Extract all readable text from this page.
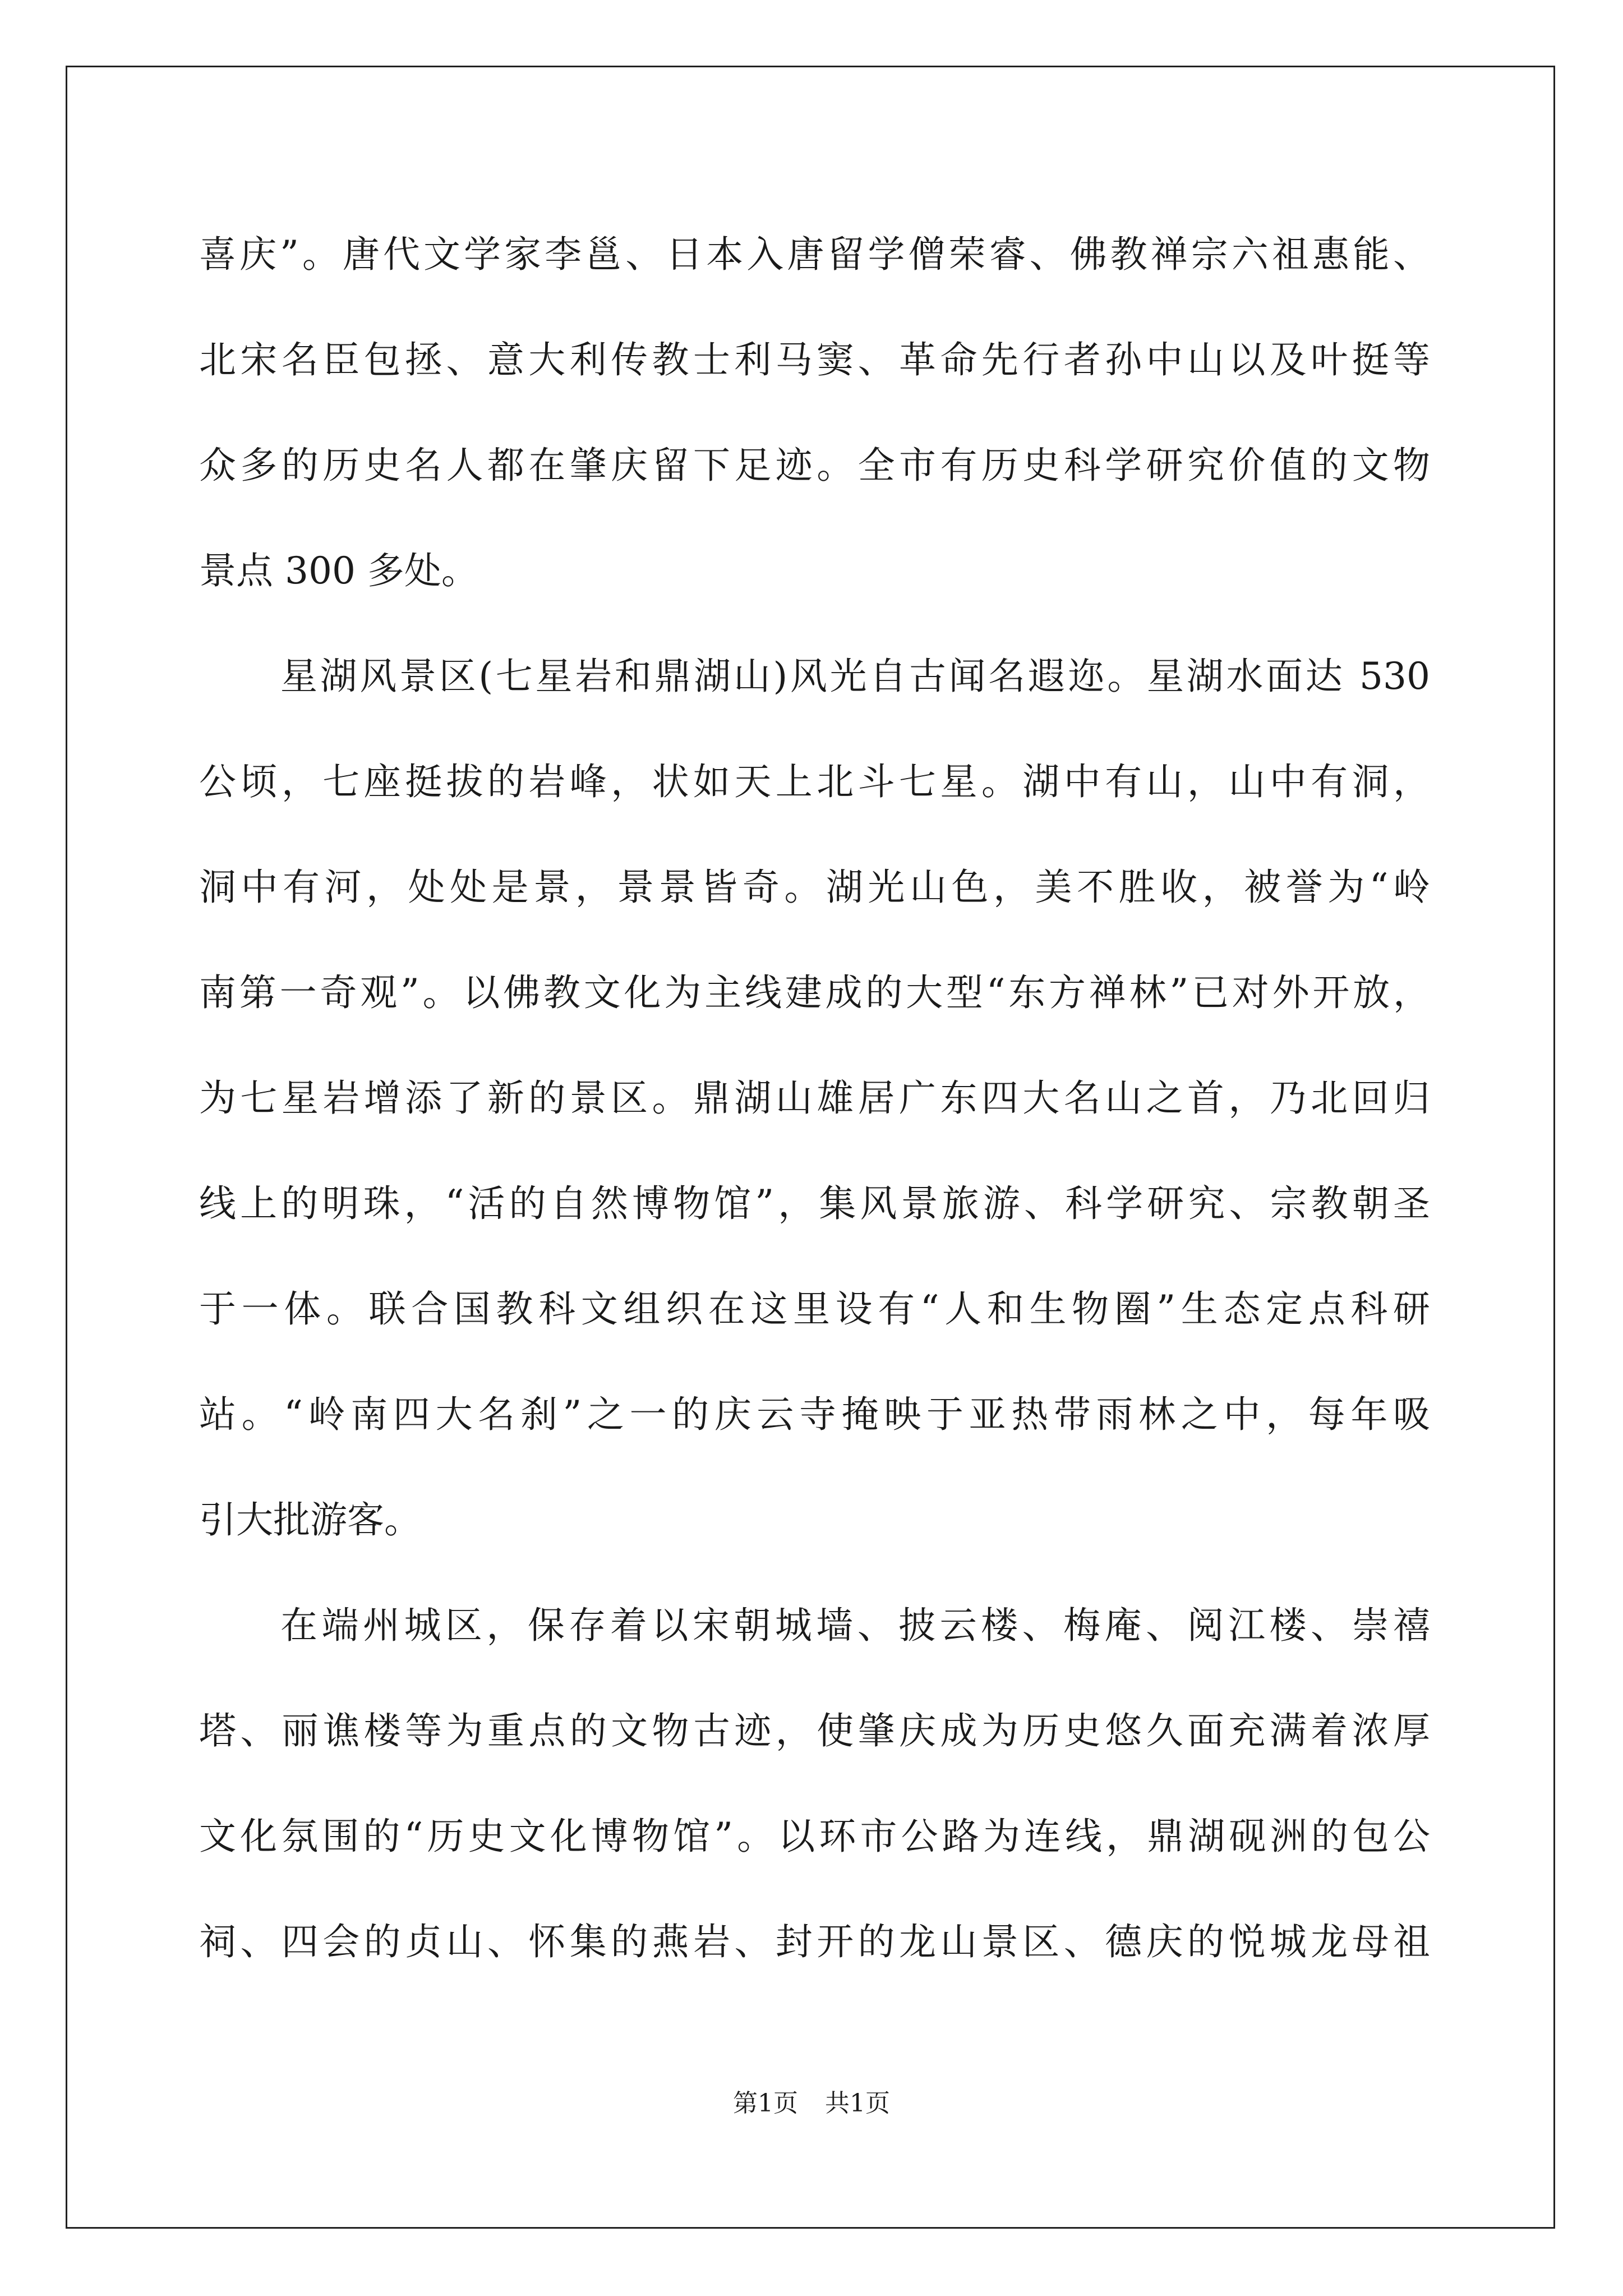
喜庆”。唐代文学家李邕、日本入唐留学僧荣睿、佛教禅宗六祖惠能、
北宋名臣包拯、意大利传教士利马窦、革命先行者孙中山以及叶挺等
众多的历史名人都在肇庆留下足迹。全市有历史科学研究价值的文物
景点 300 多处。
星湖风景区(七星岩和鼎湖山)风光自古闻名遐迩。星湖水面达 530
公顷，七座挺拔的岩峰，状如天上北斗七星。湖中有山，山中有洞，
洞中有河，处处是景，景景皆奇。湖光山色，美不胜收，被誉为“岭
南第一奇观”。以佛教文化为主线建成的大型“东方禅林”已对外开放，
为七星岩增添了新的景区。鼎湖山雄居广东四大名山之首，乃北回归
线上的明珠，“活的自然博物馆”，集风景旅游、科学研究、宗教朝圣
于一体。联合国教科文组织在这里设有“人和生物圈”生态定点科研
站。“岭南四大名刹”之一的庆云寺掩映于亚热带雨林之中，每年吸
引大批游客。
在端州城区，保存着以宋朝城墙、披云楼、梅庵、阅江楼、崇禧
塔、丽谯楼等为重点的文物古迹，使肇庆成为历史悠久面充满着浓厚
文化氛围的“历史文化博物馆”。以环市公路为连线，鼎湖砚洲的包公
祠、四会的贞山、怀集的燕岩、封开的龙山景区、德庆的悦城龙母祖
第1页 共1页
